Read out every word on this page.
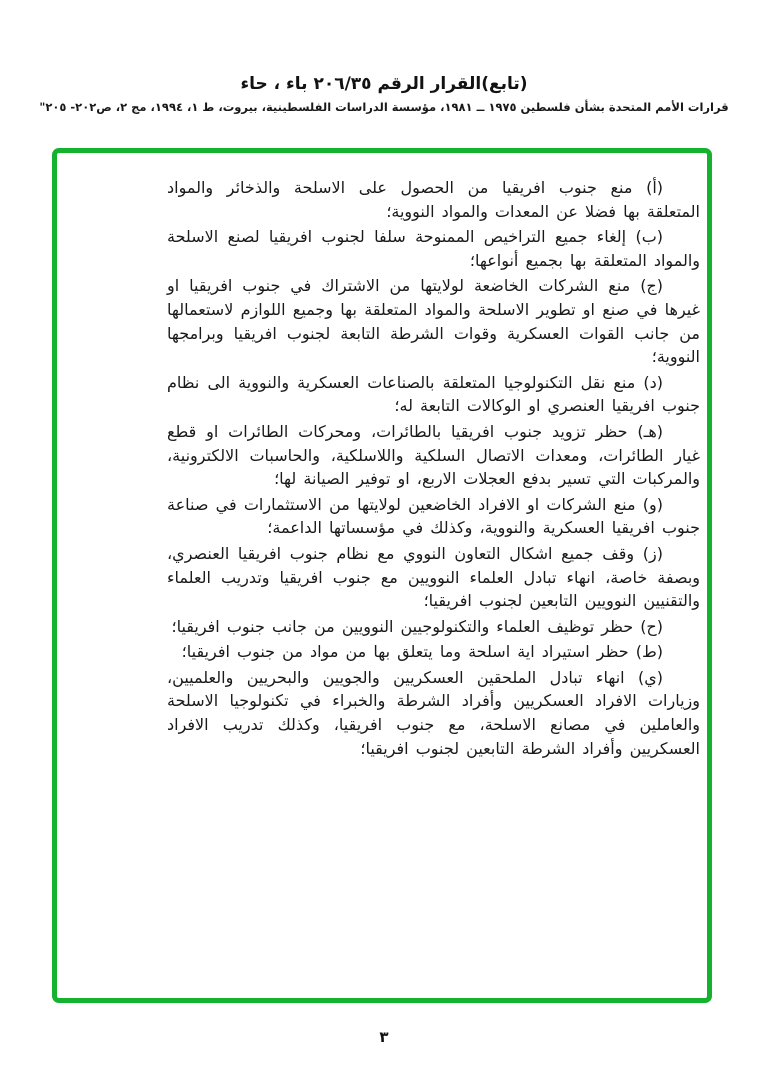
(تابع)القرار الرقم ٢٠٦/٣٥ باء ، حاء
قرارات الأمم المتحدة بشأن فلسطين ١٩٧٥ ــ ١٩٨١، مؤسسة الدراسات الفلسطينية، بيروت، ط ١، ١٩٩٤، مج ٢، ص٢٠٢- ٢٠٥"

(أ) منع جنوب افريقيا من الحصول على الاسلحة والذخائر والمواد المتعلقة بها فضلا عن المعدات والمواد النووية؛

(ب) إلغاء جميع التراخيص الممنوحة سلفا لجنوب افريقيا لصنع الاسلحة والمواد المتعلقة بها بجميع أنواعها؛

(ج) منع الشركات الخاضعة لولايتها من الاشتراك في جنوب افريقيا او غيرها في صنع او تطوير الاسلحة والمواد المتعلقة بها وجميع اللوازم لاستعمالها من جانب القوات العسكرية وقوات الشرطة التابعة لجنوب افريقيا وبرامجها النووية؛

(د) منع نقل التكنولوجيا المتعلقة بالصناعات العسكرية والنووية الى نظام جنوب افريقيا العنصري او الوكالات التابعة له؛

(هـ) حظر تزويد جنوب افريقيا بالطائرات، ومحركات الطائرات او قطع غيار الطائرات، ومعدات الاتصال السلكية واللاسلكية، والحاسبات الالكترونية، والمركبات التي تسير بدفع العجلات الاربع، او توفير الصيانة لها؛

(و) منع الشركات او الافراد الخاضعين لولايتها من الاستثمارات في صناعة جنوب افريقيا العسكرية والنووية، وكذلك في مؤسساتها الداعمة؛

(ز) وقف جميع اشكال التعاون النووي مع نظام جنوب افريقيا العنصري، وبصفة خاصة، انهاء تبادل العلماء النوويين مع جنوب افريقيا وتدريب العلماء والتقنيين النوويين التابعين لجنوب افريقيا؛

(ح) حظر توظيف العلماء والتكنولوجيين النوويين من جانب جنوب افريقيا؛

(ط) حظر استيراد اية اسلحة وما يتعلق بها من مواد من جنوب افريقيا؛

(ي) انهاء تبادل الملحقين العسكريين والجويين والبحريين والعلميين، وزيارات الافراد العسكريين وأفراد الشرطة والخبراء في تكنولوجيا الاسلحة والعاملين في مصانع الاسلحة، مع جنوب افريقيا، وكذلك تدريب الافراد العسكريين وأفراد الشرطة التابعين لجنوب افريقيا؛

٣
